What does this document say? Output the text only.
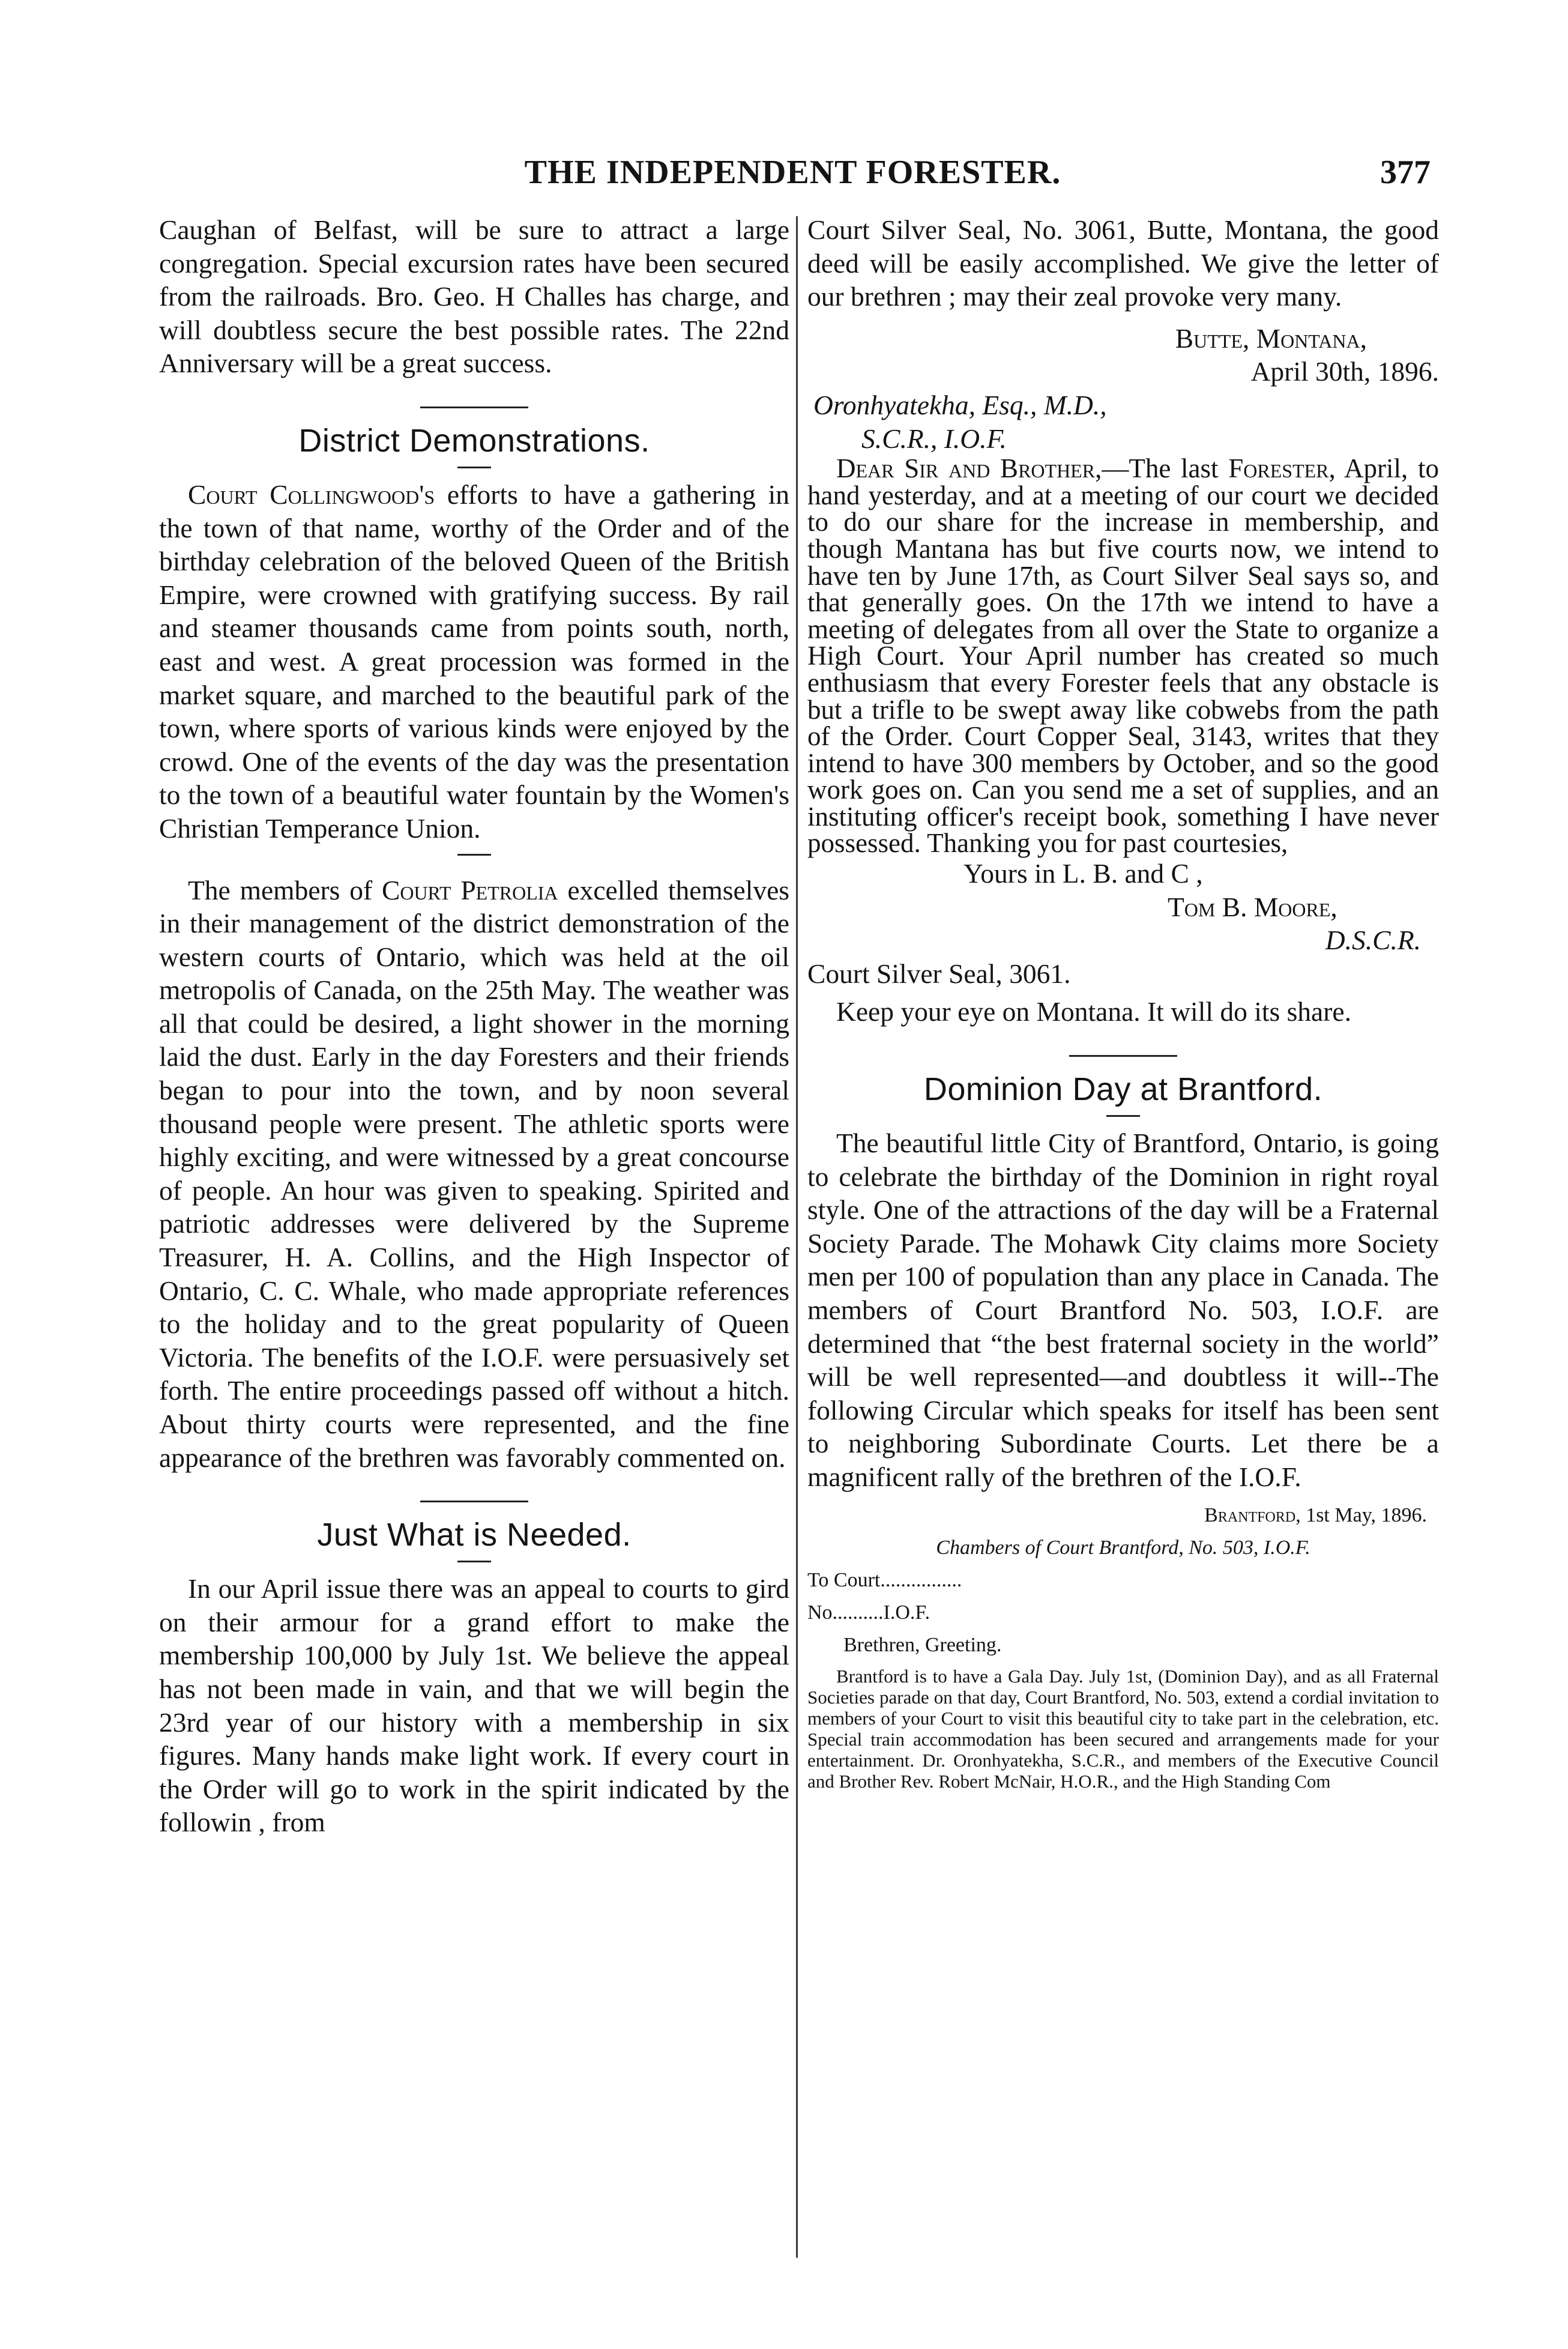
THE INDEPENDENT FORESTER.	377

Caughan of Belfast, will be sure to attract a large congregation. Special excursion rates have been secured from the railroads. Bro. Geo. H Challes has charge, and will doubtless secure the best possible rates. The 22nd Anniversary will be a great success.

District Demonstrations.

Court Collingwood's efforts to have a gathering in the town of that name, worthy of the Order and of the birthday celebration of the beloved Queen of the British Empire, were crowned with gratifying success. By rail and steamer thousands came from points south, north, east and west. A great procession was formed in the market square, and marched to the beautiful park of the town, where sports of various kinds were enjoyed by the crowd. One of the events of the day was the presentation to the town of a beautiful water fountain by the Women's Christian Temperance Union.

The members of Court Petrolia excelled themselves in their management of the district demonstration of the western courts of Ontario, which was held at the oil metropolis of Canada, on the 25th May. The weather was all that could be desired, a light shower in the morning laid the dust. Early in the day Foresters and their friends began to pour into the town, and by noon several thousand people were present. The athletic sports were highly exciting, and were witnessed by a great concourse of people. An hour was given to speaking. Spirited and patriotic addresses were delivered by the Supreme Treasurer, H. A. Collins, and the High Inspector of Ontario, C. C. Whale, who made appropriate references to the holiday and to the great popularity of Queen Victoria. The benefits of the I.O.F. were persuasively set forth. The entire proceedings passed off without a hitch. About thirty courts were represented, and the fine appearance of the brethren was favorably commented on.

Just What is Needed.

In our April issue there was an appeal to courts to gird on their armour for a grand effort to make the membership 100,000 by July 1st. We believe the appeal has not been made in vain, and that we will begin the 23rd year of our history with a membership in six figures. Many hands make light work. If every court in the Order will go to work in the spirit indicated by the followin , from

Court Silver Seal, No. 3061, Butte, Montana, the good deed will be easily accomplished. We give the letter of our brethren ; may their zeal provoke very many.

Butte, Montana,
April 30th, 1896.
Oronhyatekha, Esq., M.D.,
S.C.R., I.O.F.

Dear Sir and Brother,—The last Forester, April, to hand yesterday, and at a meeting of our court we decided to do our share for the increase in membership, and though Mantana has but five courts now, we intend to have ten by June 17th, as Court Silver Seal says so, and that generally goes. On the 17th we intend to have a meeting of delegates from all over the State to organize a High Court. Your April number has created so much enthusiasm that every Forester feels that any obstacle is but a trifle to be swept away like cobwebs from the path of the Order. Court Copper Seal, 3143, writes that they intend to have 300 members by October, and so the good work goes on. Can you send me a set of supplies, and an instituting officer's receipt book, something I have never possessed. Thanking you for past courtesies,

Yours in L. B. and C ,
Tom B. Moore,
D.S.C.R.
Court Silver Seal, 3061.

Keep your eye on Montana. It will do its share.

Dominion Day at Brantford.

The beautiful little City of Brantford, Ontario, is going to celebrate the birthday of the Dominion in right royal style. One of the attractions of the day will be a Fraternal Society Parade. The Mohawk City claims more Society men per 100 of population than any place in Canada. The members of Court Brantford No. 503, I.O.F. are determined that “the best fraternal society in the world” will be well represented—and doubtless it will--The following Circular which speaks for itself has been sent to neighboring Subordinate Courts. Let there be a magnificent rally of the brethren of the I.O.F.

Brantford, 1st May, 1896.
Chambers of Court Brantford, No. 503, I.O.F.
To Court................
No..........I.O.F.
Brethren, Greeting.

Brantford is to have a Gala Day. July 1st, (Dominion Day), and as all Fraternal Societies parade on that day, Court Brantford, No. 503, extend a cordial invitation to members of your Court to visit this beautiful city to take part in the celebration, etc. Special train accommodation has been secured and arrangements made for your entertainment. Dr. Oronhyatekha, S.C.R., and members of the Executive Council and Brother Rev. Robert McNair, H.O.R., and the High Standing Com
